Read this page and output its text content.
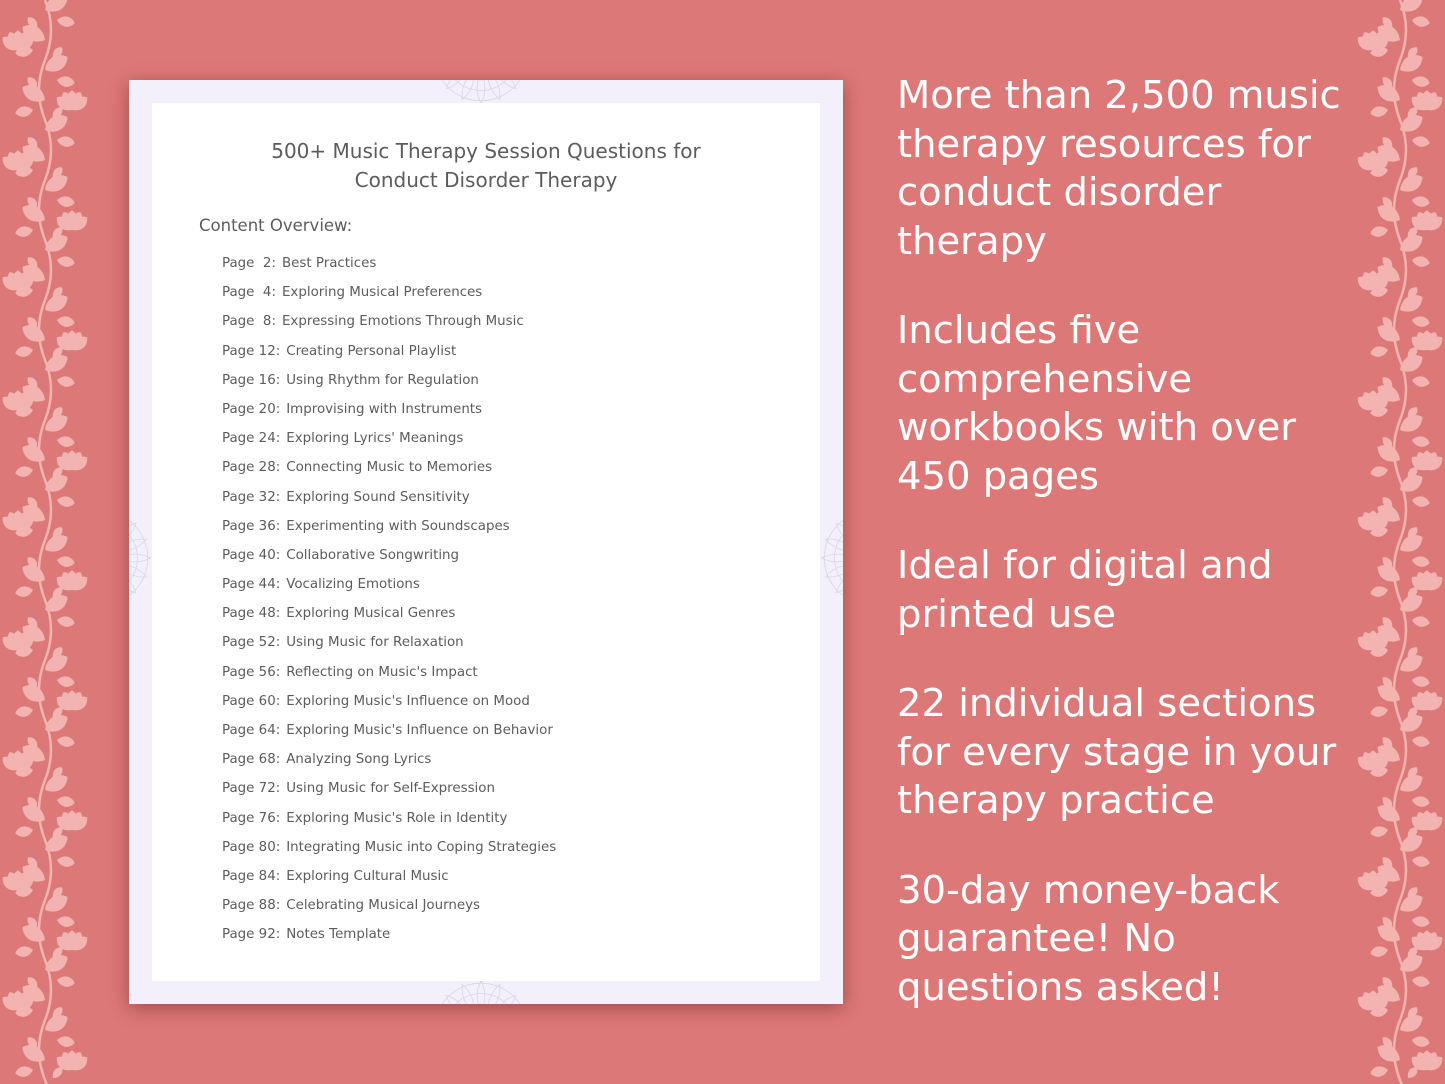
500+ Music Therapy Session Questions for
Conduct Disorder Therapy
Content Overview:
Page  2: Best Practices
Page  4: Exploring Musical Preferences
Page  8: Expressing Emotions Through Music
Page 12: Creating Personal Playlist
Page 16: Using Rhythm for Regulation
Page 20: Improvising with Instruments
Page 24: Exploring Lyrics' Meanings
Page 28: Connecting Music to Memories
Page 32: Exploring Sound Sensitivity
Page 36: Experimenting with Soundscapes
Page 40: Collaborative Songwriting
Page 44: Vocalizing Emotions
Page 48: Exploring Musical Genres
Page 52: Using Music for Relaxation
Page 56: Reflecting on Music's Impact
Page 60: Exploring Music's Influence on Mood
Page 64: Exploring Music's Influence on Behavior
Page 68: Analyzing Song Lyrics
Page 72: Using Music for Self-Expression
Page 76: Exploring Music's Role in Identity
Page 80: Integrating Music into Coping Strategies
Page 84: Exploring Cultural Music
Page 88: Celebrating Musical Journeys
Page 92: Notes Template
More than 2,500 music therapy resources for conduct disorder therapy
Includes five comprehensive workbooks with over 450 pages
Ideal for digital and printed use
22 individual sections for every stage in your therapy practice
30-day money-back guarantee! No questions asked!
